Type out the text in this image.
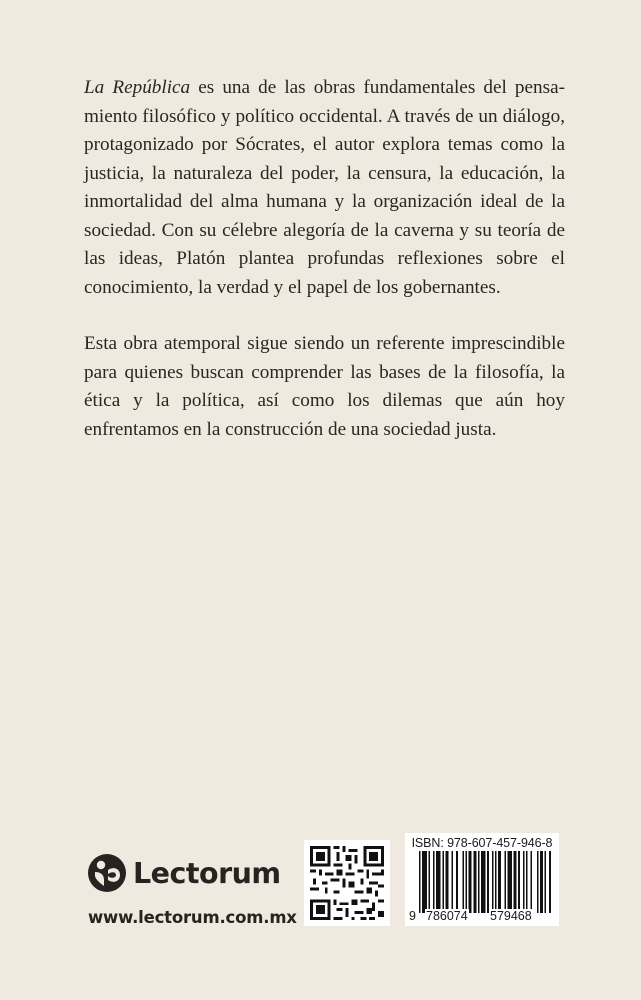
La República es una de las obras fundamentales del pensamiento filosófico y político occidental. A través de un diálogo, protagonizado por Sócrates, el autor explora temas como la justicia, la naturaleza del poder, la censura, la educación, la inmortalidad del alma humana y la organización ideal de la sociedad. Con su célebre alegoría de la caverna y su teoría de las ideas, Platón plantea profundas reflexiones sobre el conocimiento, la verdad y el papel de los gobernantes.

Esta obra atemporal sigue siendo un referente imprescindible para quienes buscan comprender las bases de la filosofía, la ética y la política, así como los dilemas que aún hoy enfrentamos en la construcción de una sociedad justa.

Lectorum
www.lectorum.com.mx
ISBN: 978-607-457-946-8
9 786074 579468
